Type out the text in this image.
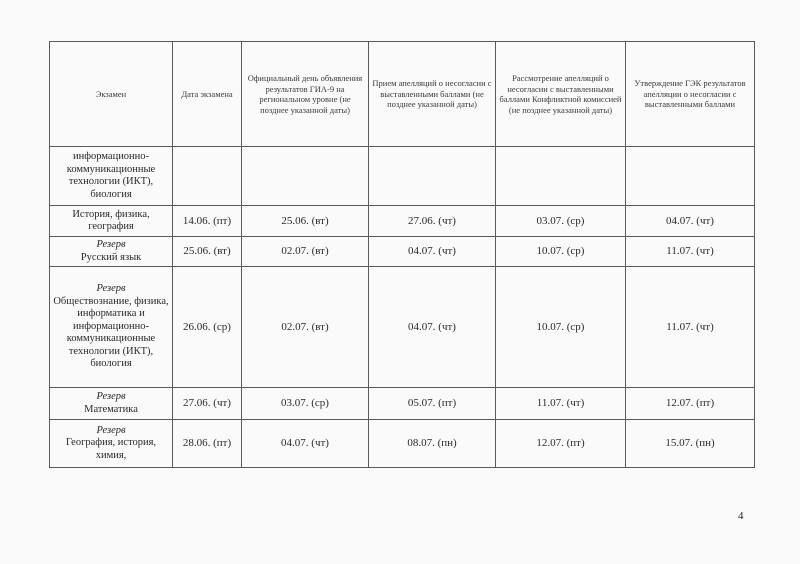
Экзамен	Дата экзамена	Официальный день объявления результатов ГИА-9 на региональном уровне (не позднее указанной даты)	Прием апелляций о несогласии с выставленными баллами (не позднее указанной даты)	Рассмотрение апелляций о несогласии с выставленными баллами Конфликтной комиссией (не позднее указанной даты)	Утверждение ГЭК результатов апелляции о несогласии с выставленными баллами
информационно-коммуникационные технологии (ИКТ), биология					
История, физика, география	14.06. (пт)	25.06. (вт)	27.06. (чт)	03.07. (ср)	04.07. (чт)

Резерв
Русский язык	25.06. (вт)	02.07. (вт)	04.07. (чт)	10.07. (ср)	11.07. (чт)

Резерв
Обществознание, физика, информатика и информационно-коммуникационные технологии (ИКТ), биология	26.06. (ср)	02.07. (вт)	04.07. (чт)	10.07. (ср)	11.07. (чт)

Резерв
Математика	27.06. (чт)	03.07. (ср)	05.07. (пт)	11.07. (чт)	12.07. (пт)

Резерв
География, история, химия,	28.06. (пт)	04.07. (чт)	08.07. (пн)	12.07. (пт)	15.07. (пн)
4
